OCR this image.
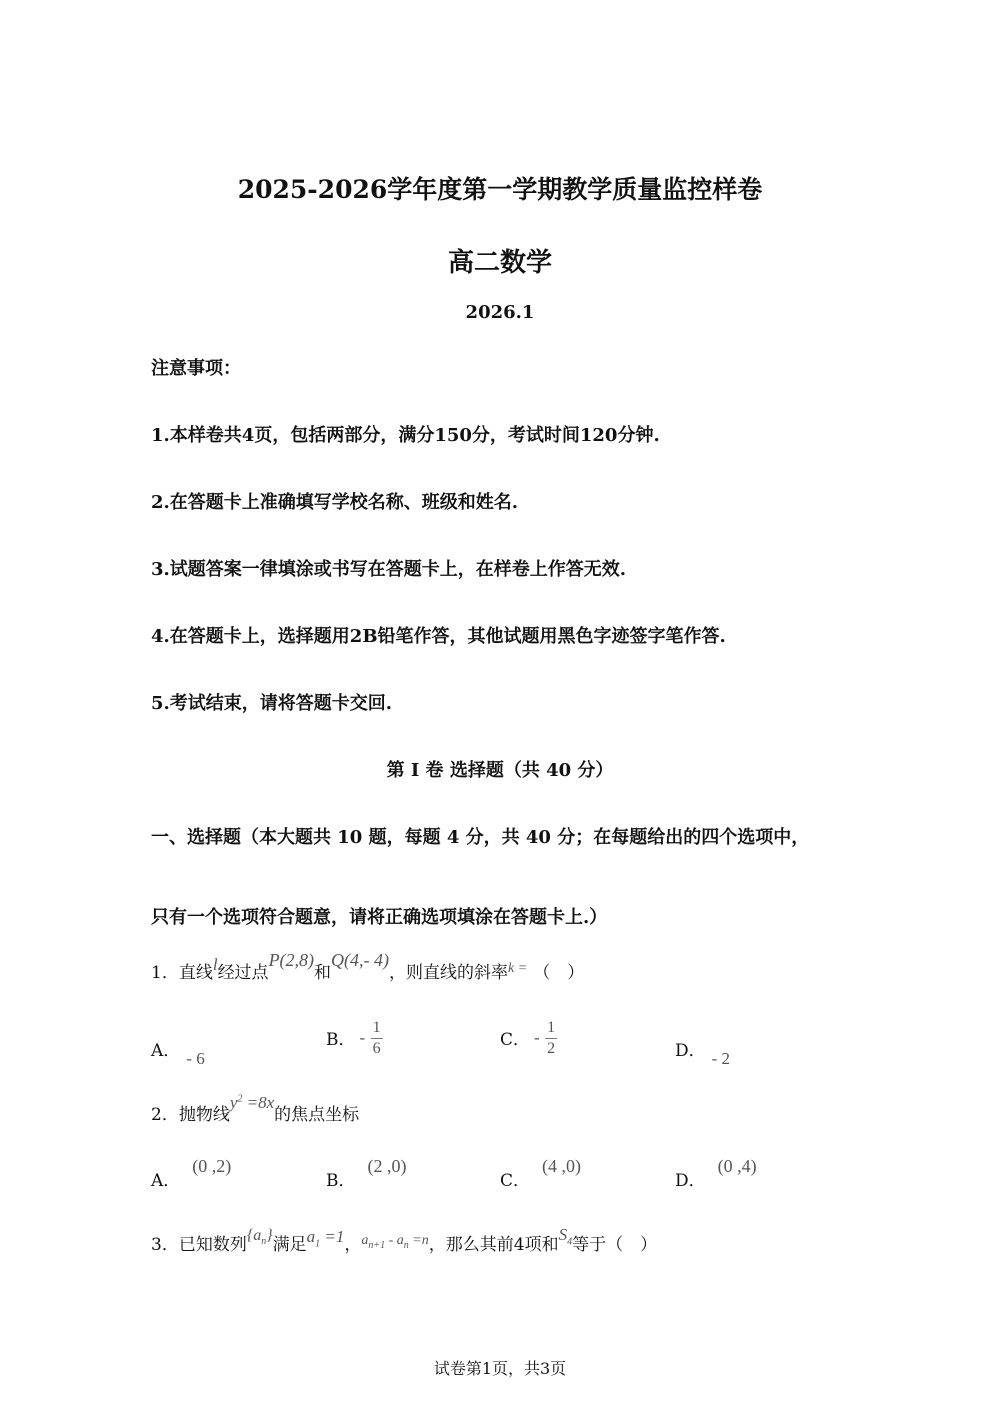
2025-2026学年度第一学期教学质量监控样卷
高二数学
2026.1
注意事项：
1.本样卷共4页，包括两部分，满分150分，考试时间120分钟.
2.在答题卡上准确填写学校名称、班级和姓名.
3.试题答案一律填涂或书写在答题卡上，在样卷上作答无效.
4.在答题卡上，选择题用2B铅笔作答，其他试题用黑色字迹签字笔作答.
5.考试结束，请将答题卡交回.
第 I 卷 选择题（共 40 分）
一、选择题（本大题共 10 题，每题 4 分，共 40 分；在每题给出的四个选项中，
只有一个选项符合题意，请将正确选项填涂在答题卡上.）
1．直线l经过点P(2,8)和Q(4,- 4)，则直线的斜率$^{k =}$ （　）
A． - 6
B． - $\frac{1}{6}$	C． - $\frac{1}{2}$	D． - 2
2．抛物线$y^2 =8x$的焦点坐标
A．(0 ,2)
B．(2 ,0)
C．(4 ,0)
D．(0 ,4)
3．已知数列$\{a_n\}$满足$a_1 =1$，$^{a_{n+1} - a_n =n}$，那么其前4项和$S_4$等于（　）
试卷第1页，共3页
